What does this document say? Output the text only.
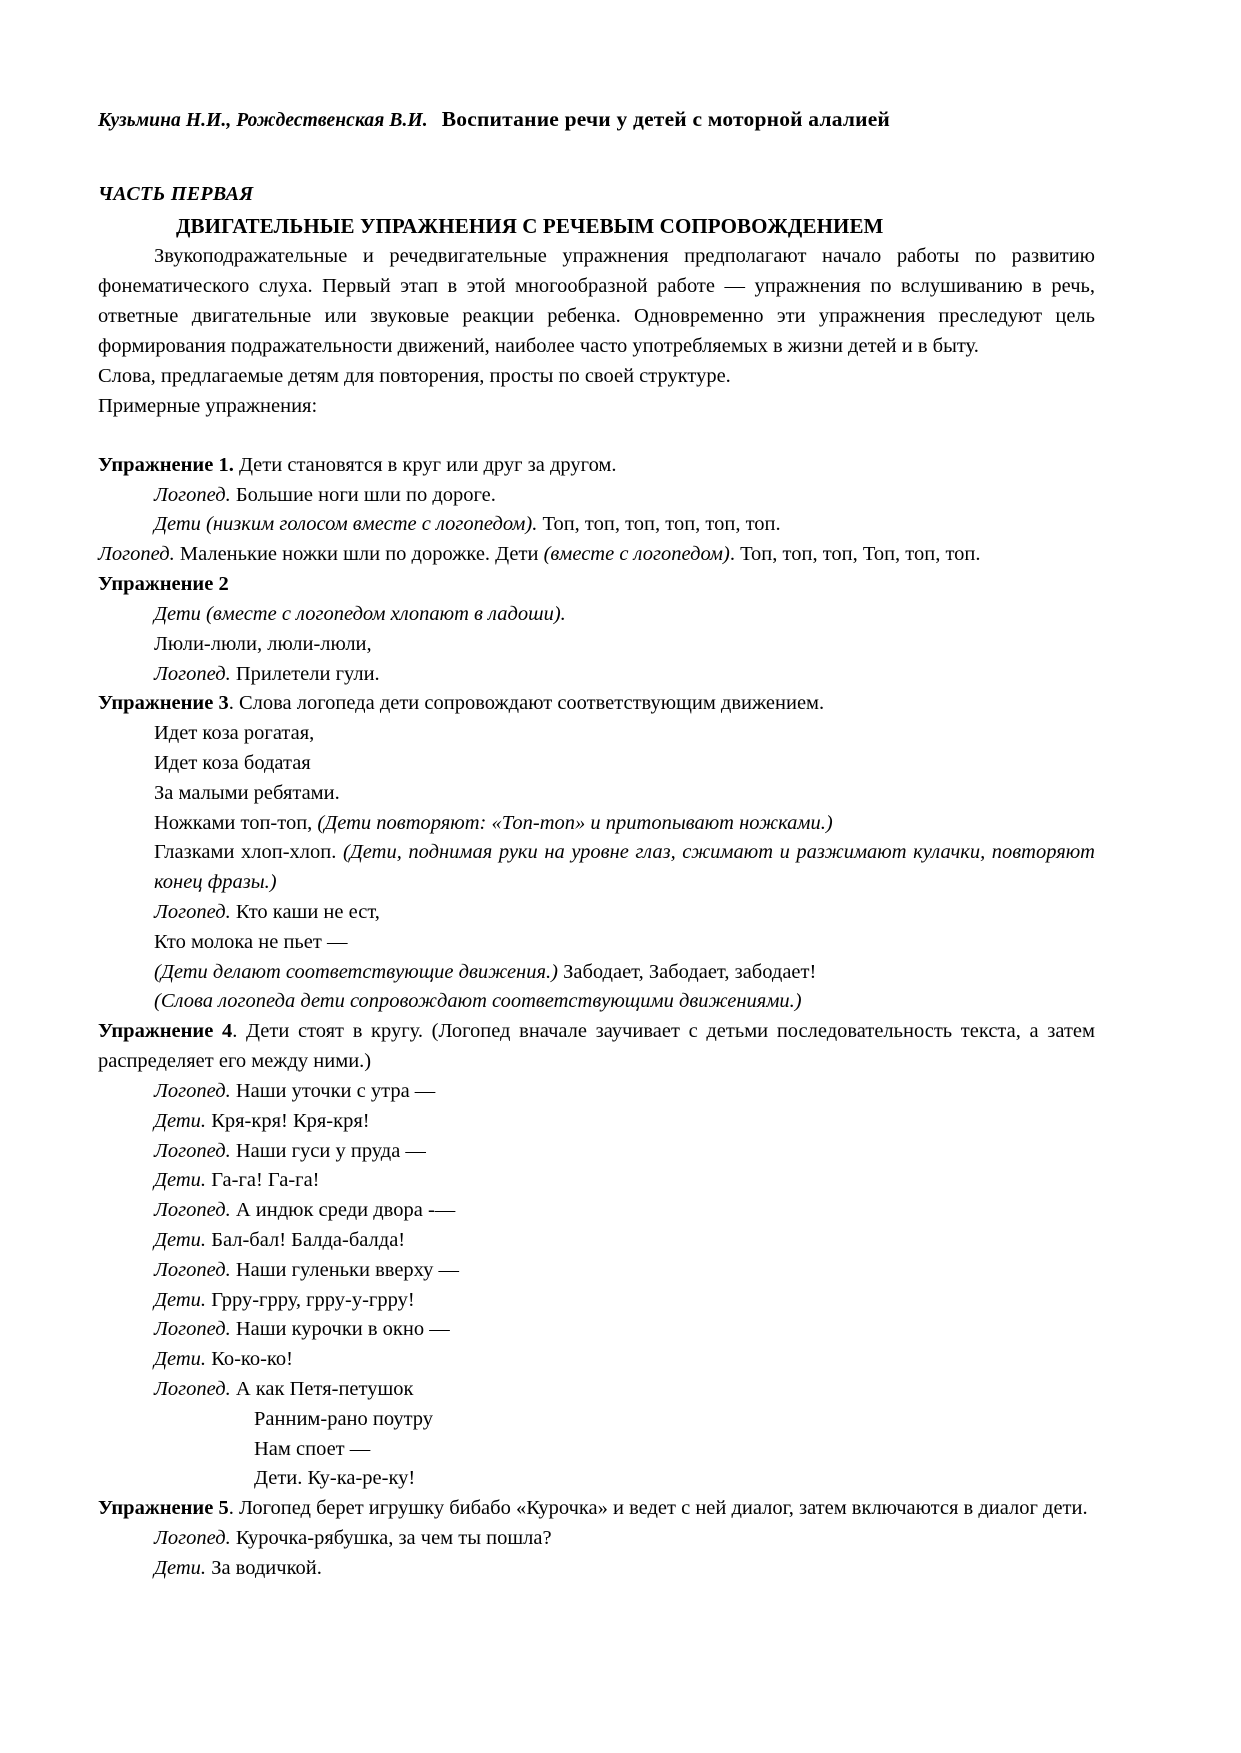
Кузьмина Н.И., Рождественская В.И. Воспитание речи у детей с моторной алалией
ЧАСТЬ ПЕРВАЯ
ДВИГАТЕЛЬНЫЕ УПРАЖНЕНИЯ С РЕЧЕВЫМ СОПРОВОЖДЕНИЕМ

Звукоподражательные и речедвигательные упражнения предполагают начало работы по развитию фонематического слуха. Первый этап в этой многообразной работе — упражнения по вслушиванию в речь, ответные двигательные или звуковые реакции ребенка. Одновременно эти упражнения преследуют цель формирования подражательности движений, наиболее часто употребляемых в жизни детей и в быту.

Слова, предлагаемые детям для повторения, просты по своей структуре.

Примерные упражнения:

Упражнение 1. Дети становятся в круг или друг за другом.

Логопед. Большие ноги шли по дороге.

Дети (низким голосом вместе с логопедом). Топ, топ, топ, топ, топ, топ.

Логопед. Маленькие ножки шли по дорожке. Дети (вместе с логопедом). Топ, топ, топ, Топ, топ, топ.

Упражнение 2

Дети (вместе с логопедом хлопают в ладоши).

Люли-люли, люли-люли,

Логопед. Прилетели гули.

Упражнение 3. Слова логопеда дети сопровождают соответствующим движением.

Идет коза рогатая,

Идет коза бодатая

За малыми ребятами.

Ножками топ-топ, (Дети повторяют: «Топ-топ» и притопывают ножками.)

Глазками хлоп-хлоп. (Дети, поднимая руки на уровне глаз, сжимают и разжимают кулачки, повторяют конец фразы.)

Логопед. Кто каши не ест,

Кто молока не пьет —

(Дети делают соответствующие движения.) Забодает, Забодает, забодает!

(Слова логопеда дети сопровождают соответствующими движениями.)

Упражнение 4. Дети стоят в кругу. (Логопед вначале заучивает с детьми последовательность текста, а затем распределяет его между ними.)

Логопед. Наши уточки с утра —

Дети. Кря-кря! Кря-кря!

Логопед. Наши гуси у пруда —

Дети. Га-га! Га-га!

Логопед. А индюк среди двора -—

Дети. Бал-бал! Балда-балда!

Логопед. Наши гуленьки вверху —

Дети. Грру-грру, грру-у-грру!

Логопед. Наши курочки в окно —

Дети. Ко-ко-ко!

Логопед. А как Петя-петушок

Ранним-рано поутру

Нам споет —

Дети. Ку-ка-ре-ку!

Упражнение 5. Логопед берет игрушку бибабо «Курочка» и ведет с ней диалог, затем включаются в диалог дети.

Логопед. Курочка-рябушка, за чем ты пошла?

Дети. За водичкой.
